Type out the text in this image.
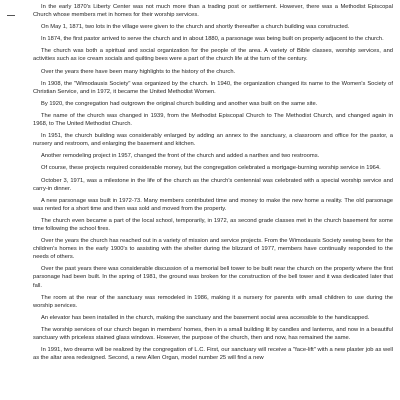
In the early 1870's Liberty Center was not much more than a trading post or settlement. However, there was a Methodist Episcopal Church whose members met in homes for their worship services.

On May 1, 1871, two lots in the village were given to the church and shortly thereafter a church building was constructed.

In 1874, the first pastor arrived to serve the church and in about 1880, a parsonage was being built on property adjacent to the church.

The church was both a spiritual and social organization for the people of the area. A variety of Bible classes, worship services, and activities such as ice cream socials and quilting bees were a part of the church life at the turn of the century.

Over the years there have been many highlights to the history of the church.

In 1908, the "Wimodausis Society" was organized by the church. In 1940, the organization changed its name to the Women's Society of Christian Service, and in 1972, it became the United Methodist Women.

By 1920, the congregation had outgrown the original church building and another was built on the same site.

The name of the church was changed in 1939, from the Methodist Episcopal Church to The Methodist Church, and changed again in 1968, to The United Methodist Church.

In 1951, the church building was considerably enlarged by adding an annex to the sanctuary, a classroom and office for the pastor, a nursery and restroom, and enlarging the basement and kitchen.

Another remodeling project in 1957, changed the front of the church and added a narthex and two restrooms.

Of course, these projects required considerable money, but the congregation celebrated a mortgage-burning worship service in 1964.

October 3, 1971, was a milestone in the life of the church as the church's centennial was celebrated with a special worship service and carry-in dinner.

A new parsonage was built in 1972-73. Many members contributed time and money to make the new home a reality. The old parsonage was rented for a short time and then was sold and moved from the property.

The church even became a part of the local school, temporarily, in 1972, as second grade classes met in the church basement for some time following the school fires.

Over the years the church has reached out in a variety of mission and service projects. From the Wimodausis Society sewing bees for the children's homes in the early 1900's to assisting with the shelter during the blizzard of 1977, members have continually responded to the needs of others.

Over the past years there was considerable discussion of a memorial bell tower to be built near the church on the property where the first parsonage had been built. In the spring of 1981, the ground was broken for the construction of the bell tower and it was dedicated later that fall.

The room at the rear of the sanctuary was remodeled in 1986, making it a nursery for parents with small children to use during the worship services.

An elevator has been installed in the church, making the sanctuary and the basement social area accessible to the handicapped.

The worship services of our church began in members' homes, then in a small building lit by candles and lanterns, and now in a beautiful sanctuary with priceless stained glass windows. However, the purpose of the church, then and now, has remained the same.

In 1991, two dreams will be realized by the congregation of L.C. First, our sanctuary will receive a "face-lift" with a new plaster job as well as the altar area redesigned. Second, a new Allen Organ, model number 25 will find a new
